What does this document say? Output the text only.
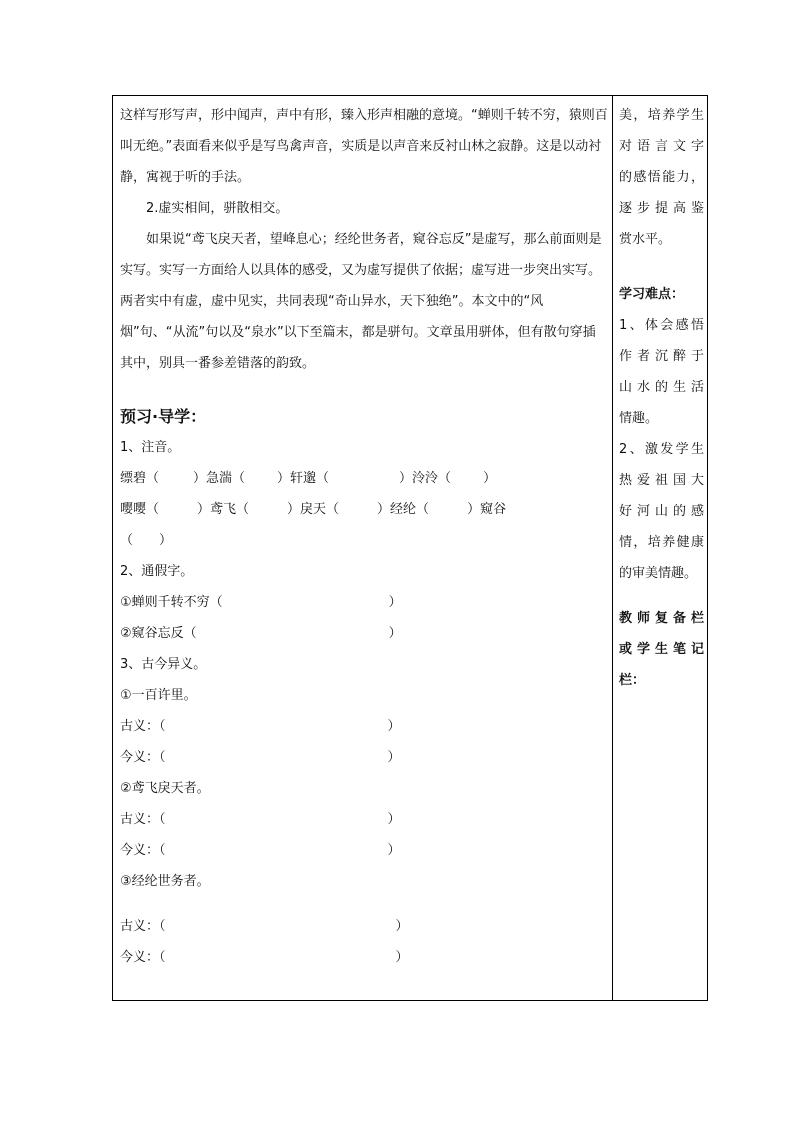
这样写形写声，形中闻声，声中有形，臻入形声相融的意境。“蝉则千转不穷，猿则百叫无绝。”表面看来似乎是写鸟禽声音，实质是以声音来反衬山林之寂静。这是以动衬静，寓视于听的手法。

2.虚实相间，骈散相交。

如果说“鸢飞戾天者，望峰息心；经纶世务者，窥谷忘反”是虚写，那么前面则是实写。实写一方面给人以具体的感受，又为虚写提供了依据；虚写进一步突出实写。两者实中有虚，虚中见实，共同表现“奇山异水，天下独绝”。本文中的“风烟”句、“从流”句以及“泉水”以下至篇末，都是骈句。文章虽用骈体，但有散句穿插其中，别具一番参差错落的韵致。

预习·导学：
1、注音。
缥碧（	）急湍（ ）轩邈（	）泠泠（ ）
嘤嘤（	）鸢飞（	）戾天（	）经纶（	）窥谷
（　　）
2、通假字。
①蝉则千转不穷（	）
②窥谷忘反（	）
3、古今异义。
①一百许里。
古义：（	）
今义：（	）
②鸢飞戾天者。
古义：（	）
今义：（	）
③经纶世务者。
古义：（	）
今义：（	）

美，培养学生

对语言文字

的感悟能力，

逐步提高鉴

赏水平。

学习难点：

1、体会感悟

作者沉醉于

山水的生活

情趣。

2、激发学生

热爱祖国大

好河山的感

情，培养健康

的审美情趣。

教师复备栏

或学生笔记

栏：
